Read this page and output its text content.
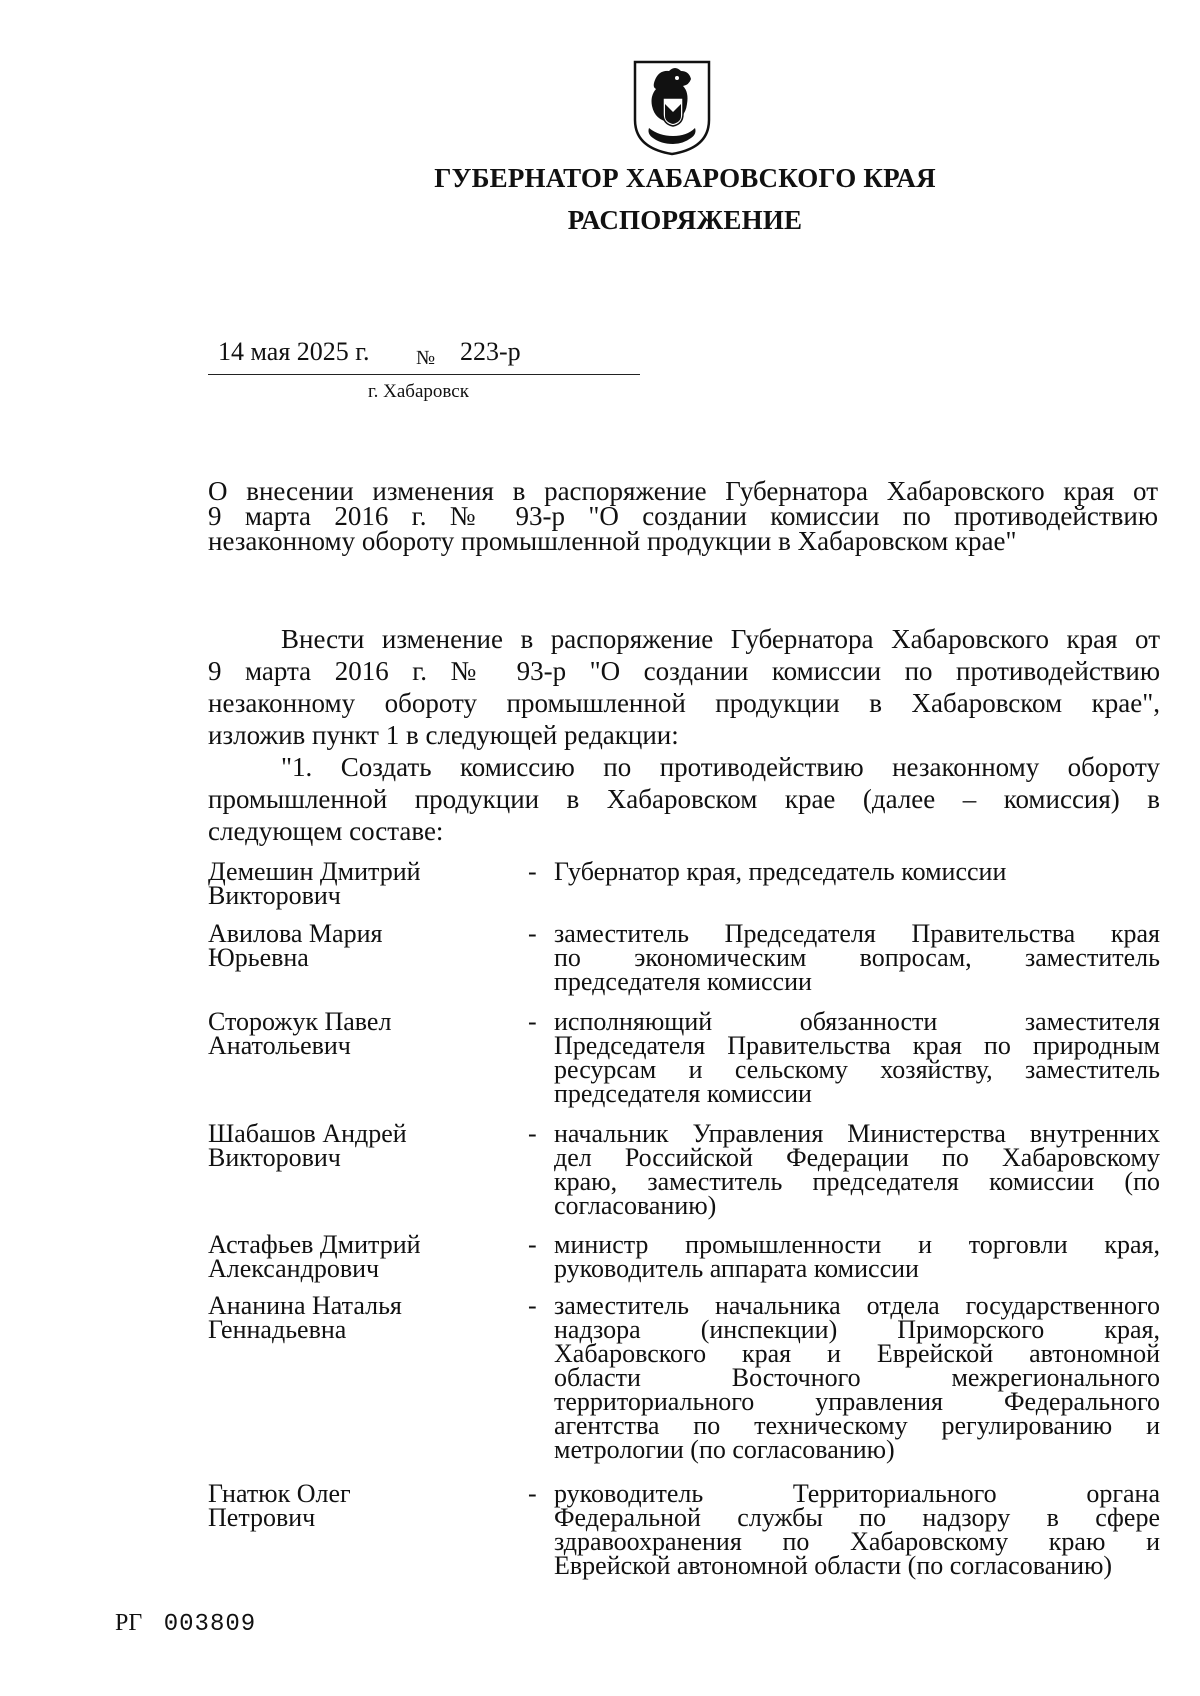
ГУБЕРНАТОР ХАБАРОВСКОГО КРАЯ
РАСПОРЯЖЕНИЕ
14 мая 2025 г. № 223-р
г. Хабаровск
О внесении изменения в распоряжение Губернатора Хабаровского края от
9 марта 2016 г. № 93-р "О создании комиссии по противодействию
незаконному обороту промышленной продукции в Хабаровском крае"
Внести изменение в распоряжение Губернатора Хабаровского края от
9 марта 2016 г. № 93-р "О создании комиссии по противодействию
незаконному обороту промышленной продукции в Хабаровском крае",
изложив пункт 1 в следующей редакции:
"1. Создать комиссию по противодействию незаконному обороту
промышленной продукции в Хабаровском крае (далее – комиссия) в
следующем составе:
Демешин Дмитрий
Викторович
- Губернатор края, председатель комиссии
Авилова Мария
Юрьевна
- заместитель Председателя Правительства края
по экономическим вопросам, заместитель
председателя комиссии
Сторожук Павел
Анатольевич
- исполняющий обязанности заместителя
Председателя Правительства края по природным
ресурсам и сельскому хозяйству, заместитель
председателя комиссии
Шабашов Андрей
Викторович
- начальник Управления Министерства внутренних
дел Российской Федерации по Хабаровскому
краю, заместитель председателя комиссии (по
согласованию)
Астафьев Дмитрий
Александрович
- министр промышленности и торговли края,
руководитель аппарата комиссии
Ананина Наталья
Геннадьевна
- заместитель начальника отдела государственного
надзора (инспекции) Приморского края,
Хабаровского края и Еврейской автономной
области Восточного межрегионального
территориального управления Федерального
агентства по техническому регулированию и
метрологии (по согласованию)
Гнатюк Олег
Петрович
- руководитель Территориального органа
Федеральной службы по надзору в сфере
здравоохранения по Хабаровскому краю и
Еврейской автономной области (по согласованию)
РГ 003809
